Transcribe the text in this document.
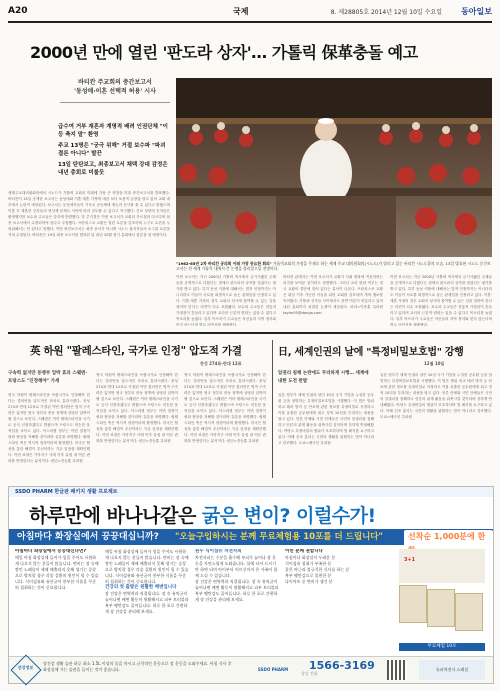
A20	국제	8. 제28805호 2014년 12월 10일 수요일 동아일보
2000년 만에 열린 '판도라 상자'… 가톨릭 保革충돌 예고
바티칸 주교회의 중간보고서
'동성애·이혼 선택적 허용' 시사
급수여 거부 재혼자 계명적 배려 인권단체 "이등 축지 말" 환영
주교 13명은 "궁극 위해" 거절 보수파 "파괴 결론 아니다" 발끈
13일 탄탄보고, 최종보고서 채택 강대 감정은 내년 총회로 미룰듯
세계주교대의원회의에서 시노드가 가톨릭 교회의 미래에 가장 큰 영향을 미칠 중간보고서를 발표했다. 바티칸이 13일 공개한 보고서는 동성애와 이혼·재혼 가정에 대한 보다 포용적 입장을 담고 있어 교회 내부에서 논란이 예상된다. 보고서는 동성애자들이 기독교 공동체에 재능과 은사를 줄 수 있다고 밝혔으며 이혼 후 재혼한 신자들의 영성체 문제도 사안에 따라 검토할 수 있다고 적시했다. 진보 성향의 신자들은 환영했지만 보수파 주교들은 강하게 반발했다. 한 추기경은 이번 보고서가 교회의 가르침과 다르다며 최종 보고서에서 수정되어야 한다고 주장했다. 프란치스코 교황은 열린 토론을 강조하며 누구도 토론을 두려워해서는 안 된다고 말했다. 이번 중간보고서는 최종 문서가 아니며 시노드 참석자들의 소그룹 토론을 거쳐 수정된다. 바티칸은 19일 최종 보고서를 발표한 뒤 내년 10월 정기 총회에서 결론을 낼 예정이다.
"1962-65년 2차 바티칸 공의회 이래 가장 중요한 회의" 가톨릭교회의 가정을 주제로 하는 세계 주교 대의원회의(시노드)가 열리고 있는 바티칸 시노드홀의 모습. 13일 발표된 시노드 중간보고서는 전 세계 가톨릭 내에서 큰 논쟁을 불러일으킬 전망이다.
이번 보고서는 지난 2000년 가톨릭 역사에서 금기시됐던 주제들을 공개적으로 다뤘다는 점에서 판도라의 상자를 열었다는 평가를 받고 있다. 특히 동성 커플에 대해서는 법적 인정까지는 아니더라도 이들이 서로를 희생적으로 돕는 관계임을 인정하고 있다. 이혼·재혼 가정의 경우 교회의 성사에 참여할 수 있는 길을 열어야 한다는 의견이 다수 포함됐다. 보수파 주교들은 전통적 가정관이 흔들리고 있다며 교리의 근본적 변화는 있을 수 없다고 목소리를 높였다. 일부 아프리카 주교들은 자신들의 지역 정서와 맞지 않는다며 별도 의견서를 제출했다.
바티칸 관계자는 이번 보고서가 교회가 사회 변화에 적응하려는 의지를 보여준 것이라고 설명했다. 그러나 교리 변화 여부는 결국 교황의 결단에 달려 있다는 분석이 나온다. 프란치스코 교황은 취임 이후 가난한 이들을 위한 교회를 강조하며 개혁 행보를 이어왔다. 가톨릭 신자들 사이에서도 찬반 여론이 엇갈리고 있어 내년 총회까지 치열한 논쟁이 예상된다. 파리=이종훈 특파원 taylor55@donga.com
이번 보고서는 지난 2000년 가톨릭 역사에서 금기시됐던 주제들을 공개적으로 다뤘다는 점에서 판도라의 상자를 열었다는 평가를 받고 있다. 특히 동성 커플에 대해서는 법적 인정까지는 아니더라도 이들이 서로를 희생적으로 돕는 관계임을 인정하고 있다. 이혼·재혼 가정의 경우 교회의 성사에 참여할 수 있는 길을 열어야 한다는 의견이 다수 포함됐다. 보수파 주교들은 전통적 가정관이 흔들리고 있다며 교리의 근본적 변화는 있을 수 없다고 목소리를 높였다. 일부 아프리카 주교들은 자신들의 지역 정서와 맞지 않는다며 별도 의견서를 제출했다.
英 하원 "팔레스타인, 국가로 인정" 압도적 가결
찬성 274표-반대 12표
구속력 없지만 동맹부 압박 효과 스웨덴·프랑스도 "인정해야" 가세
영국 하원이 팔레스타인을 독립국가로 인정해야 한다는 결의안을 압도적인 표차로 통과시켰다. 찬성 274표 반대 12표로 가결된 이번 결의안은 법적 구속력은 없지만 영국 정부의 중동 정책에 상당한 압박이 될 것으로 보인다. 스웨덴은 이미 팔레스타인을 국가로 공식 인정하겠다고 밝혔으며 프랑스도 비슷한 움직임을 보이고 있다. 이스라엘 정부는 이번 결정이 평화 협상을 저해할 것이라며 유감을 표명했다. 팔레스타인 측은 역사적 결정이라며 환영했다. 미국은 협상을 통한 해결이 우선이라는 기존 입장을 재확인했다. 이번 표결은 가자지구 사태 이후 유럽 내 여론 변화를 반영한다는 분석이다. 런던=전승훈 특파원
영국 하원이 팔레스타인을 독립국가로 인정해야 한다는 결의안을 압도적인 표차로 통과시켰다. 찬성 274표 반대 12표로 가결된 이번 결의안은 법적 구속력은 없지만 영국 정부의 중동 정책에 상당한 압박이 될 것으로 보인다. 스웨덴은 이미 팔레스타인을 국가로 공식 인정하겠다고 밝혔으며 프랑스도 비슷한 움직임을 보이고 있다. 이스라엘 정부는 이번 결정이 평화 협상을 저해할 것이라며 유감을 표명했다. 팔레스타인 측은 역사적 결정이라며 환영했다. 미국은 협상을 통한 해결이 우선이라는 기존 입장을 재확인했다. 이번 표결은 가자지구 사태 이후 유럽 내 여론 변화를 반영한다는 분석이다. 런던=전승훈 특파원
영국 하원이 팔레스타인을 독립국가로 인정해야 한다는 결의안을 압도적인 표차로 통과시켰다. 찬성 274표 반대 12표로 가결된 이번 결의안은 법적 구속력은 없지만 영국 정부의 중동 정책에 상당한 압박이 될 것으로 보인다. 스웨덴은 이미 팔레스타인을 국가로 공식 인정하겠다고 밝혔으며 프랑스도 비슷한 움직임을 보이고 있다. 이스라엘 정부는 이번 결정이 평화 협상을 저해할 것이라며 유감을 표명했다. 팔레스타인 측은 역사적 결정이라며 환영했다. 미국은 협상을 통한 해결이 우선이라는 기존 입장을 재확인했다. 이번 표결은 가자지구 사태 이후 유럽 내 여론 변화를 반영한다는 분석이다. 런던=전승훈 특파원
日, 세계인권의 날에 "특정비밀보호법" 강행
12월 10일
알권리 침해 논란에도 무리하게 시행… 세계에 내한 도전 반발
일본 정부가 세계 인권의 날인 10일 국가 기밀을 누설한 공무원 등을 엄벌하는 특정비밀보호법을 시행했다. 이 법은 방위 외교 테러 방지 등 안보에 관한 정보를 특정비밀로 지정하고 이를 유출한 공무원에게 최고 징역 10년을 부과하는 내용을 담고 있다. 언론 단체와 시민 단체들은 국민의 알권리를 침해하고 언론의 취재 활동을 위축시킬 것이라며 강하게 반대해왔다. 야당도 특정비밀의 범위가 모호하다며 법 폐지를 요구하고 있다. 아베 신조 총리는 국민의 생활을 위협하는 법이 아니라고 강조했다. 도쿄=배극인 특파원
일본 정부가 세계 인권의 날인 10일 국가 기밀을 누설한 공무원 등을 엄벌하는 특정비밀보호법을 시행했다. 이 법은 방위 외교 테러 방지 등 안보에 관한 정보를 특정비밀로 지정하고 이를 유출한 공무원에게 최고 징역 10년을 부과하는 내용을 담고 있다. 언론 단체와 시민 단체들은 국민의 알권리를 침해하고 언론의 취재 활동을 위축시킬 것이라며 강하게 반대해왔다. 야당도 특정비밀의 범위가 모호하다며 법 폐지를 요구하고 있다. 아베 신조 총리는 국민의 생활을 위협하는 법이 아니라고 강조했다. 도쿄=배극인 특파원
SSDO PHARM 한글판 패키지 생활 프로젝트
하루만에 바나나같은 굵은 변이? 이럴수가!
아침마다 화장실에서 끙끙대십니까? "오늘구입하시는 분께 무료체험용 10포를 더 드립니다"	선착순 1,000분에 한
아침마다 화장실에서 끙끙대신다면?
매일 아침 화장실에 들어가 힘을 주어도 시원하게 나오지 않는 분들이 많습니다. 변비는 장 속에 쌓인 노폐물이 제때 배출되지 못해 생기는 증상으로 방치할 경우 각종 질환의 원인이 될 수 있습니다. 식이섬유와 유산균이 풍부한 식품을 꾸준히 섭취하는 것이 중요합니다.
매일 아침 화장실에 들어가 힘을 주어도 시원하게 나오지 않는 분들이 많습니다. 변비는 장 속에 쌓인 노폐물이 제때 배출되지 못해 생기는 증상으로 방치할 경우 각종 질환의 원인이 될 수 있습니다. 식이섬유와 유산균이 풍부한 식품을 꾸준히 섭취하는 것이 중요합니다.
건강의 첫 출발은 원활한 배변입니다
장 건강은 면역력과 직결됩니다. 장 속 유익균이 늘어나면 배변 활동이 원활해지고 피부 트러블과 복부 팽만감도 줄어듭니다. 하루 한 포로 간편하게 장 건강을 관리해 보세요.
원두 식이섬유 차전자피
차전자피는 수분을 흡수해 부피가 늘어나 장 운동을 자연스럽게 도와줍니다. 물에 타서 드시기만 하면 되며 아이부터 어르신까지 온 가족이 함께 드실 수 있습니다.
장 건강은 면역력과 직결됩니다. 장 속 유익균이 늘어나면 배변 활동이 원활해지고 피부 트러블과 복부 팽만감도 줄어듭니다. 하루 한 포로 간편하게 장 건강을 관리해 보세요.
이런 분께 권합니다
아침마다 화장실이 두려운 분
식이섬유 섭취가 부족한 분
잦은 야근과 불규칙한 식사를 하는 분
복부 팽만감으로 불편한 분
다이어트 중 변비가 생긴 분
3+1
무료체험 10포
건강정보
장건강 생활 습관 하루 최소 1.5L 이상의 물을 마시고 규칙적인 운동으로 장 운동을 도와주세요. 아침 식사 후 화장실에 가는 습관을 들이는 것이 좋습니다.	SSDO PHARM
상담 전화
1566-3169	슈퍼차전자 스페셜
